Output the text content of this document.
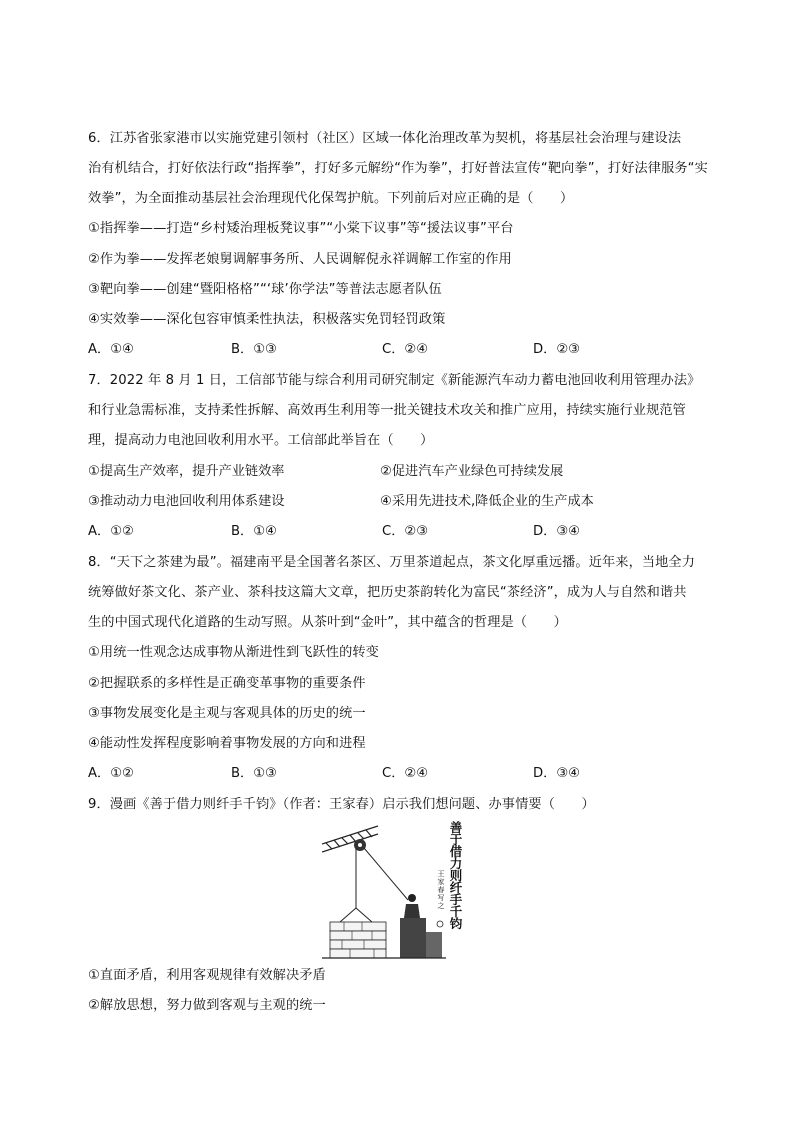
6．江苏省张家港市以实施党建引领村（社区）区域一体化治理改革为契机，将基层社会治理与建设法
治有机结合，打好依法行政“指挥拳”，打好多元解纷“作为拳”，打好普法宣传“靶向拳”，打好法律服务“实
效拳”，为全面推动基层社会治理现代化保驾护航。下列前后对应正确的是（　　）
①指挥拳——打造“乡村矮治理板凳议事”“小棠下议事”等“援法议事”平台
②作为拳——发挥老娘舅调解事务所、人民调解倪永祥调解工作室的作用
③靶向拳——创建“暨阳格格”“‘球’你学法”等普法志愿者队伍
④实效拳——深化包容审慎柔性执法，积极落实免罚轻罚政策
A．①④	B．①③	C．②④	D．②③
7．2022 年 8 月 1 日，工信部节能与综合利用司研究制定《新能源汽车动力蓄电池回收利用管理办法》
和行业急需标准，支持柔性拆解、高效再生利用等一批关键技术攻关和推广应用，持续实施行业规范管
理，提高动力电池回收利用水平。工信部此举旨在（　　）
①提高生产效率，提升产业链效率	②促进汽车产业绿色可持续发展
③推动动力电池回收利用体系建设	④采用先进技术,降低企业的生产成本
A．①②	B．①④	C．②③	D．③④
8．“天下之茶建为最”。福建南平是全国著名茶区、万里茶道起点，茶文化厚重远播。近年来，当地全力
统筹做好茶文化、茶产业、茶科技这篇大文章，把历史茶韵转化为富民“茶经济”，成为人与自然和谐共
生的中国式现代化道路的生动写照。从茶叶到“金叶”，其中蕴含的哲理是（　　）
①用统一性观念达成事物从渐进性到飞跃性的转变
②把握联系的多样性是正确变革事物的重要条件
③事物发展变化是主观与客观具体的历史的统一
④能动性发挥程度影响着事物发展的方向和进程
A．①②	B．①③	C．②④	D．③④
9．漫画《善于借力则纤手千钧》（作者：王家春）启示我们想问题、办事情要（　　）
善于借力则纤手千钧
王家春写之
①直面矛盾，利用客观规律有效解决矛盾
②解放思想，努力做到客观与主观的统一
